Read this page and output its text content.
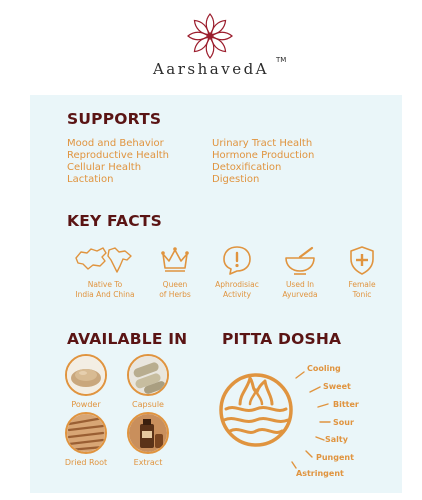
AarshavedA TM
SUPPORTS
Mood and Behavior
Reproductive Health
Cellular Health
Lactation
Urinary Tract Health
Hormone Production
Detoxification
Digestion
KEY FACTS
Native To
India And China
Queen
of Herbs
Aphrodisiac
Activity
Used In
Ayurveda
Female
Tonic
AVAILABLE IN
Powder	Capsule
Dried Root	Extract
PITTA DOSHA
Cooling
Sweet
Bitter
Sour
Salty
Pungent
Astringent
